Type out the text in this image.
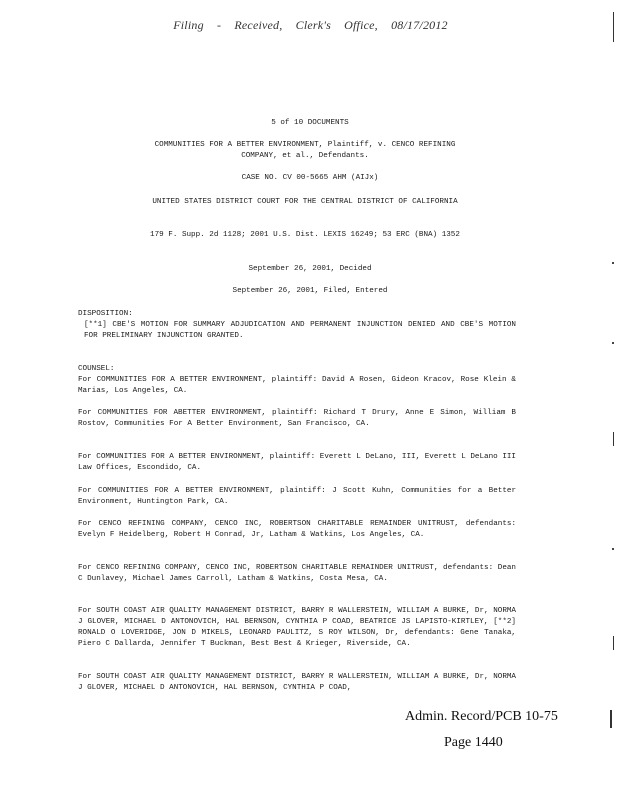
Filing - Received, Clerk's Office, 08/17/2012
5 of 10 DOCUMENTS
COMMUNITIES FOR A BETTER ENVIRONMENT, Plaintiff, v. CENCO REFINING COMPANY, et al., Defendants.
CASE NO. CV 00-5665 AHM (AIJx)
UNITED STATES DISTRICT COURT FOR THE CENTRAL DISTRICT OF CALIFORNIA
179 F. Supp. 2d 1128; 2001 U.S. Dist. LEXIS 16249; 53 ERC (BNA) 1352
September 26, 2001, Decided
September 26, 2001, Filed, Entered
DISPOSITION:
[**1] CBE'S MOTION FOR SUMMARY ADJUDICATION AND PERMANENT INJUNCTION DENIED AND CBE'S MOTION FOR PRELIMINARY INJUNCTION GRANTED.
COUNSEL:
For COMMUNITIES FOR A BETTER ENVIRONMENT, plaintiff: David A Rosen, Gideon Kracov, Rose Klein & Marias, Los Angeles, CA.
For COMMUNITIES FOR ABETTER ENVIRONMENT, plaintiff: Richard T Drury, Anne E Simon, William B Rostov, Communities For A Better Environment, San Francisco, CA.
For COMMUNITIES FOR A BETTER ENVIRONMENT, plaintiff: Everett L DeLano, III, Everett L DeLano III Law Offices, Escondido, CA.
For COMMUNITIES FOR A BETTER ENVIRONMENT, plaintiff: J Scott Kuhn, Communities for a Better Environment, Huntington Park, CA.
For CENCO REFINING COMPANY, CENCO INC, ROBERTSON CHARITABLE REMAINDER UNITRUST, defendants: Evelyn F Heidelberg, Robert H Conrad, Jr, Latham & Watkins, Los Angeles, CA.
For CENCO REFINING COMPANY, CENCO INC, ROBERTSON CHARITABLE REMAINDER UNITRUST, defendants: Dean C Dunlavey, Michael James Carroll, Latham & Watkins, Costa Mesa, CA.
For SOUTH COAST AIR QUALITY MANAGEMENT DISTRICT, BARRY R WALLERSTEIN, WILLIAM A BURKE, Dr, NORMA J GLOVER, MICHAEL D ANTONOVICH, HAL BERNSON, CYNTHIA P COAD, BEATRICE JS LAPISTO-KIRTLEY, [**2] RONALD O LOVERIDGE, JON D MIKELS, LEONARD PAULITZ, S ROY WILSON, Dr, defendants: Gene Tanaka, Piero C Dallarda, Jennifer T Buckman, Best Best & Krieger, Riverside, CA.
For SOUTH COAST AIR QUALITY MANAGEMENT DISTRICT, BARRY R WALLERSTEIN, WILLIAM A BURKE, Dr, NORMA J GLOVER, MICHAEL D ANTONOVICH, HAL BERNSON, CYNTHIA P COAD,
Admin. Record/PCB 10-75
Page 1440
